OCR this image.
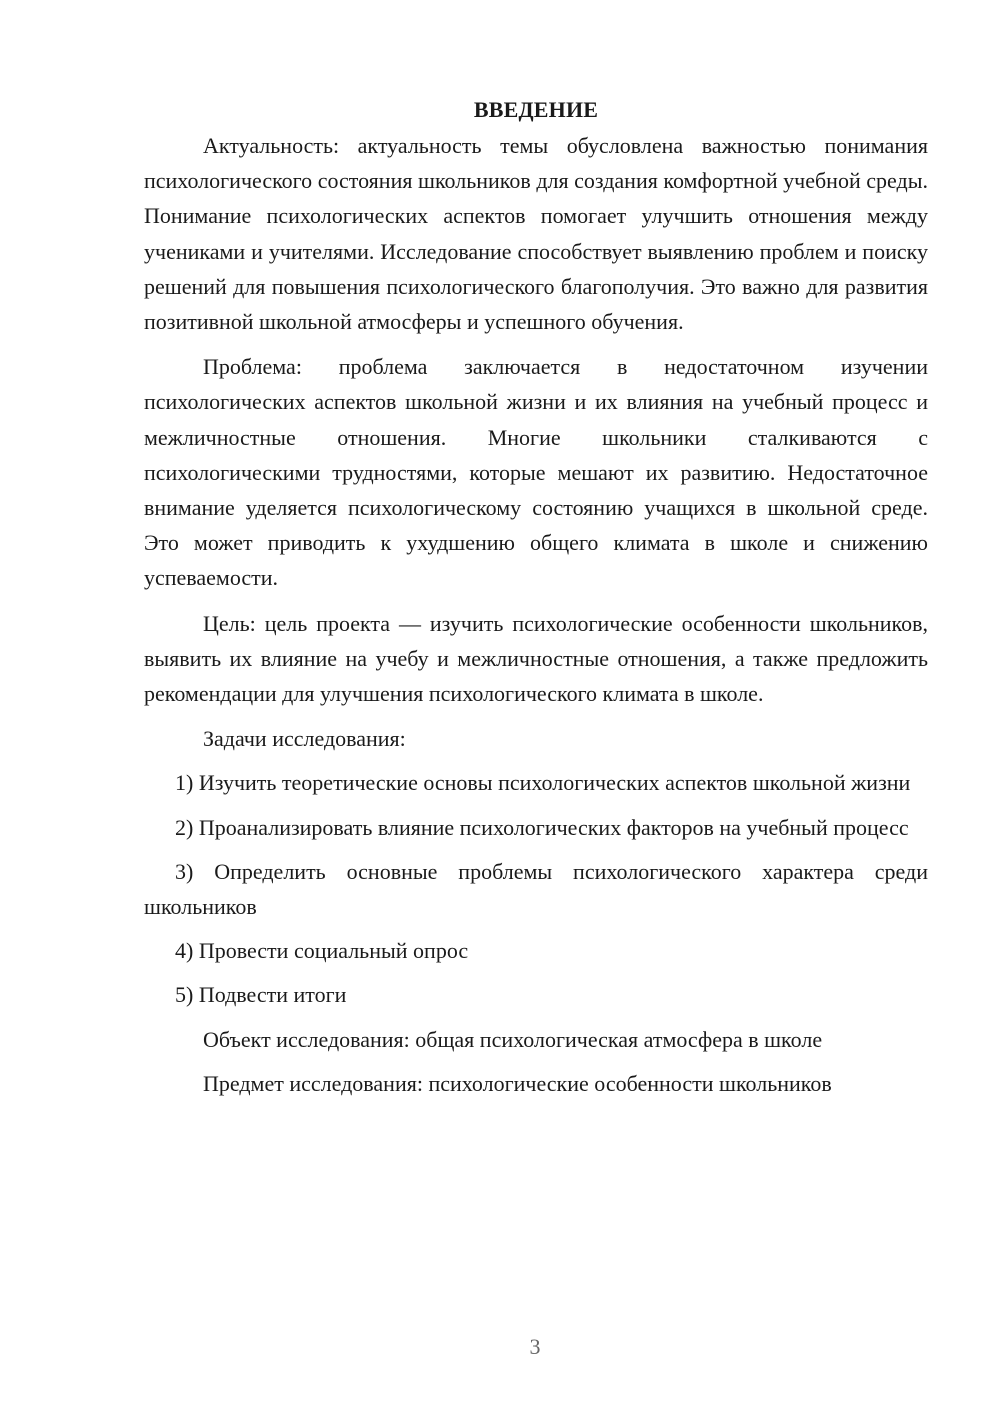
ВВЕДЕНИЕ

Актуальность: актуальность темы обусловлена важностью понимания психологического состояния школьников для создания комфортной учебной среды. Понимание психологических аспектов помогает улучшить отношения между учениками и учителями. Исследование способствует выявлению проблем и поиску решений для повышения психологического благополучия. Это важно для развития позитивной школьной атмосферы и успешного обучения.

Проблема: проблема заключается в недостаточном изучении психологических аспектов школьной жизни и их влияния на учебный процесс и межличностные отношения. Многие школьники сталкиваются с психологическими трудностями, которые мешают их развитию. Недостаточное внимание уделяется психологическому состоянию учащихся в школьной среде. Это может приводить к ухудшению общего климата в школе и снижению успеваемости.

Цель: цель проекта — изучить психологические особенности школьников, выявить их влияние на учебу и межличностные отношения, а также предложить рекомендации для улучшения психологического климата в школе.

Задачи исследования:

1) Изучить теоретические основы психологических аспектов школьной жизни

2) Проанализировать влияние психологических факторов на учебный процесс

3) Определить основные проблемы психологического характера среди школьников

4) Провести социальный опрос

5) Подвести итоги

Объект исследования: общая психологическая атмосфера в школе

Предмет исследования: психологические особенности школьников

3
